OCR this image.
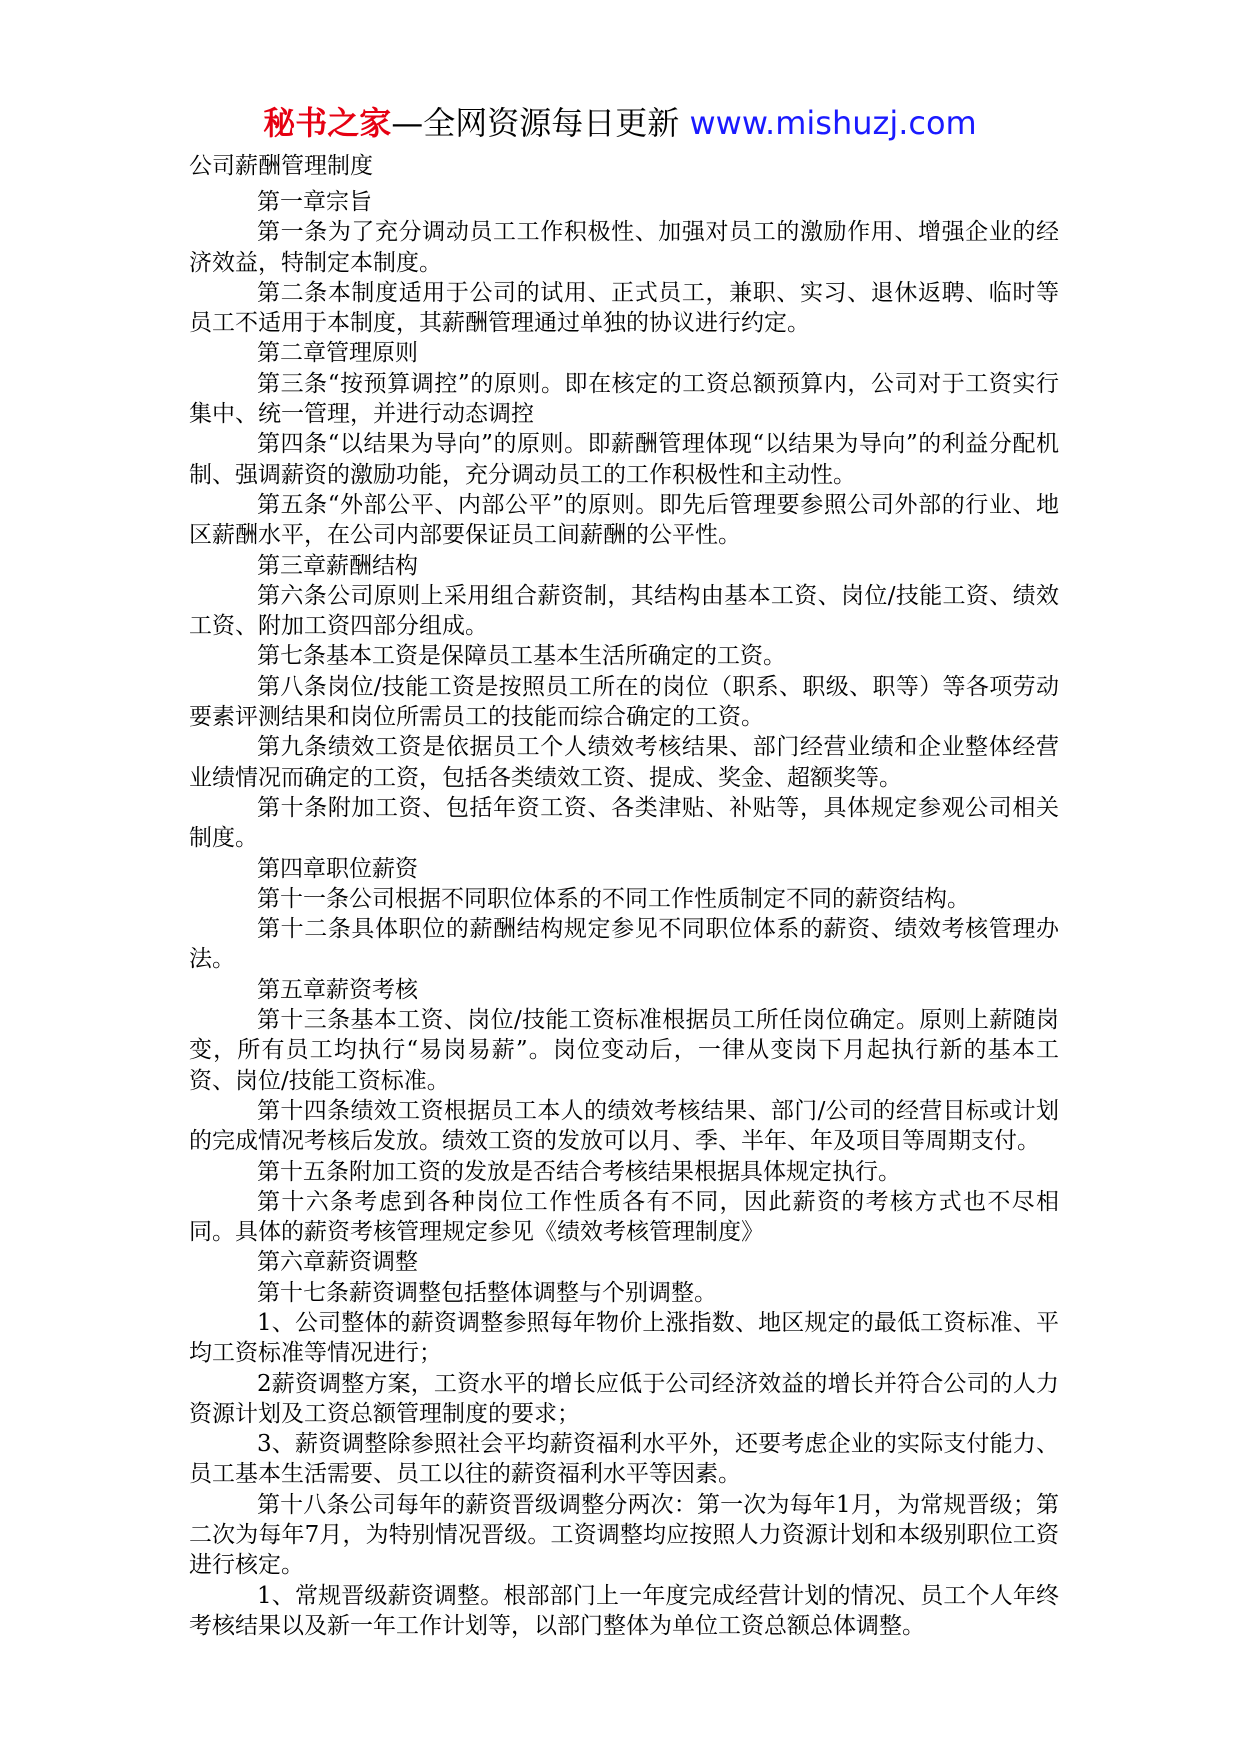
秘书之家—全网资源每日更新 www.mishuzj.com
公司薪酬管理制度

第一章宗旨

第一条为了充分调动员工工作积极性、加强对员工的激励作用、增强企业的经济效益，特制定本制度。

第二条本制度适用于公司的试用、正式员工，兼职、实习、退休返聘、临时等员工不适用于本制度，其薪酬管理通过单独的协议进行约定。

第二章管理原则

第三条“按预算调控”的原则。即在核定的工资总额预算内，公司对于工资实行集中、统一管理，并进行动态调控

第四条“以结果为导向”的原则。即薪酬管理体现“以结果为导向”的利益分配机制、强调薪资的激励功能，充分调动员工的工作积极性和主动性。

第五条“外部公平、内部公平”的原则。即先后管理要参照公司外部的行业、地区薪酬水平，在公司内部要保证员工间薪酬的公平性。

第三章薪酬结构

第六条公司原则上采用组合薪资制，其结构由基本工资、岗位/技能工资、绩效工资、附加工资四部分组成。

第七条基本工资是保障员工基本生活所确定的工资。

第八条岗位/技能工资是按照员工所在的岗位（职系、职级、职等）等各项劳动要素评测结果和岗位所需员工的技能而综合确定的工资。

第九条绩效工资是依据员工个人绩效考核结果、部门经营业绩和企业整体经营业绩情况而确定的工资，包括各类绩效工资、提成、奖金、超额奖等。

第十条附加工资、包括年资工资、各类津贴、补贴等，具体规定参观公司相关制度。

第四章职位薪资

第十一条公司根据不同职位体系的不同工作性质制定不同的薪资结构。

第十二条具体职位的薪酬结构规定参见不同职位体系的薪资、绩效考核管理办法。

第五章薪资考核

第十三条基本工资、岗位/技能工资标准根据员工所任岗位确定。原则上薪随岗变，所有员工均执行“易岗易薪”。岗位变动后，一律从变岗下月起执行新的基本工资、岗位/技能工资标准。

第十四条绩效工资根据员工本人的绩效考核结果、部门/公司的经营目标或计划的完成情况考核后发放。绩效工资的发放可以月、季、半年、年及项目等周期支付。

第十五条附加工资的发放是否结合考核结果根据具体规定执行。

第十六条考虑到各种岗位工作性质各有不同，因此薪资的考核方式也不尽相同。具体的薪资考核管理规定参见《绩效考核管理制度》

第六章薪资调整

第十七条薪资调整包括整体调整与个别调整。

1、公司整体的薪资调整参照每年物价上涨指数、地区规定的最低工资标准、平均工资标准等情况进行；

2薪资调整方案，工资水平的增长应低于公司经济效益的增长并符合公司的人力资源计划及工资总额管理制度的要求；

3、薪资调整除参照社会平均薪资福利水平外，还要考虑企业的实际支付能力、员工基本生活需要、员工以往的薪资福利水平等因素。

第十八条公司每年的薪资晋级调整分两次：第一次为每年1月，为常规晋级；第二次为每年7月，为特别情况晋级。工资调整均应按照人力资源计划和本级别职位工资进行核定。

1、常规晋级薪资调整。根部部门上一年度完成经营计划的情况、员工个人年终考核结果以及新一年工作计划等，以部门整体为单位工资总额总体调整。
